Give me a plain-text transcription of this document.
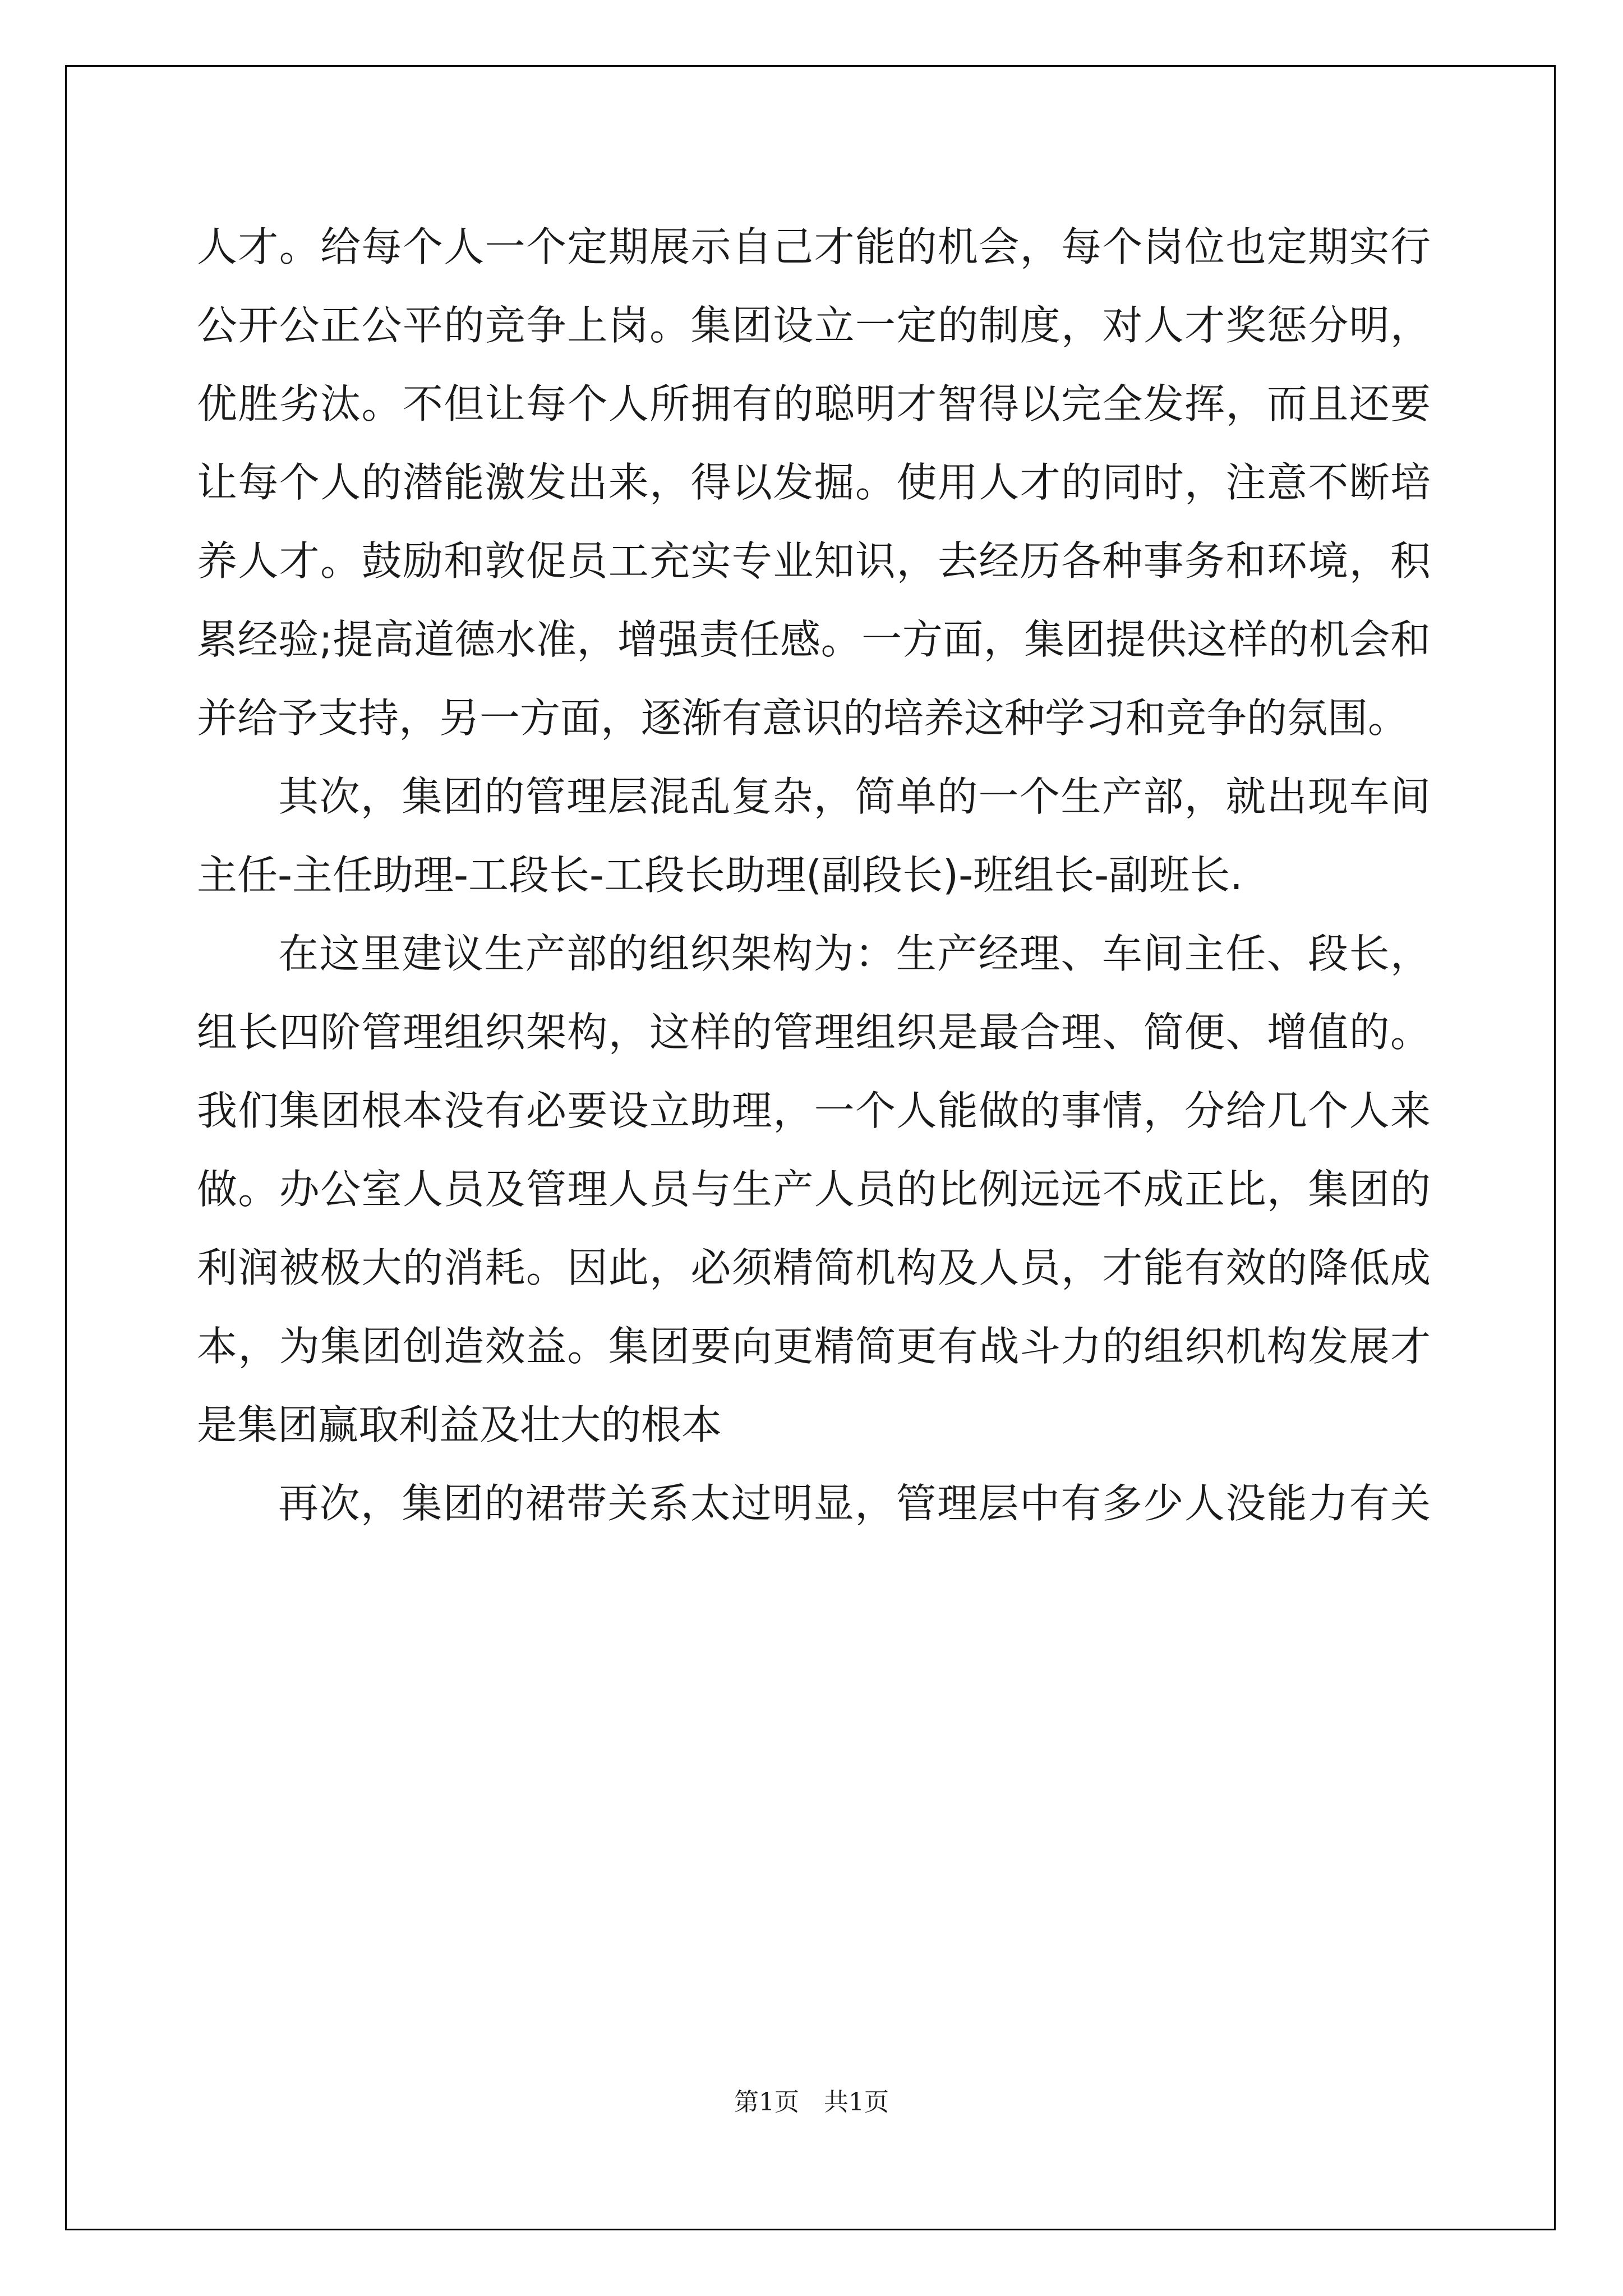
人才。给每个人一个定期展示自己才能的机会，每个岗位也定期实行
公开公正公平的竞争上岗。集团设立一定的制度，对人才奖惩分明，
优胜劣汰。不但让每个人所拥有的聪明才智得以完全发挥，而且还要
让每个人的潜能激发出来，得以发掘。使用人才的同时，注意不断培
养人才。鼓励和敦促员工充实专业知识，去经历各种事务和环境，积
累经验;提高道德水准，增强责任感。一方面，集团提供这样的机会和
并给予支持，另一方面，逐渐有意识的培养这种学习和竞争的氛围。
其次，集团的管理层混乱复杂，简单的一个生产部，就出现车间
主任-主任助理-工段长-工段长助理(副段长)-班组长-副班长.
在这里建议生产部的组织架构为：生产经理、车间主任、段长，
组长四阶管理组织架构，这样的管理组织是最合理、简便、增值的。
我们集团根本没有必要设立助理，一个人能做的事情，分给几个人来
做。办公室人员及管理人员与生产人员的比例远远不成正比，集团的
利润被极大的消耗。因此，必须精简机构及人员，才能有效的降低成
本，为集团创造效益。集团要向更精简更有战斗力的组织机构发展才
是集团赢取利益及壮大的根本
再次，集团的裙带关系太过明显，管理层中有多少人没能力有关
第1页　共1页
